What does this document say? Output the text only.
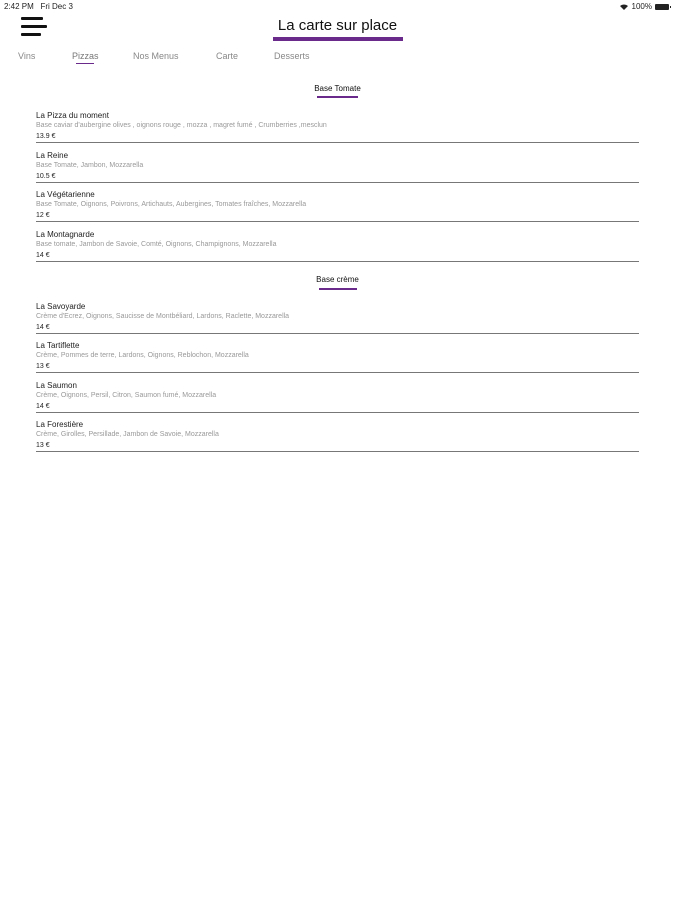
2:42 PM Fri Dec 3	100%
La carte sur place
Vins	Pizzas	Nos Menus	Carte	Desserts
Base Tomate
La Pizza du moment
Base caviar d'aubergine olives , oignons rouge , mozza , magret fumé , Crumberries ,mesclun
13.9 €
La Reine
Base Tomate, Jambon, Mozzarella
10.5 €
La Végétarienne
Base Tomate, Oignons, Poivrons, Artichauts, Aubergines, Tomates fraîches, Mozzarella
12 €
La Montagnarde
Base tomate, Jambon de Savoie, Comté, Oignons, Champignons, Mozzarella
14 €
Base crème
La Savoyarde
Crème d'Ecrez, Oignons, Saucisse de Montbéliard, Lardons, Raclette, Mozzarella
14 €
La Tartiflette
Crème, Pommes de terre, Lardons, Oignons, Reblochon, Mozzarella
13 €
La Saumon
Crème, Oignons, Persil, Citron, Saumon fumé, Mozzarella
14 €
La Forestière
Crème, Girolles, Persillade, Jambon de Savoie, Mozzarella
13 €
